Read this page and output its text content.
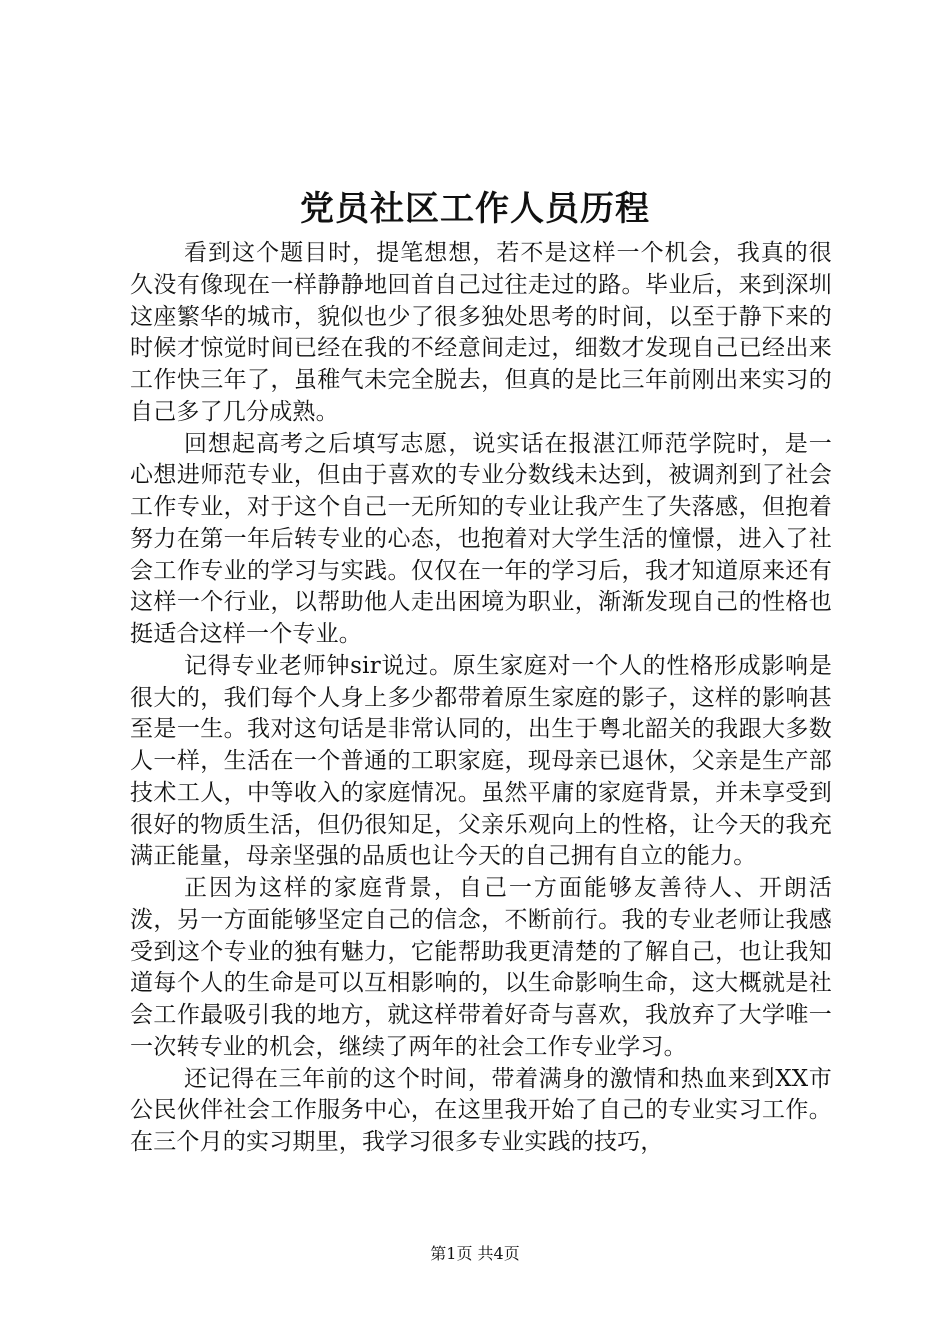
党员社区工作人员历程

看到这个题目时，提笔想想，若不是这样一个机会，我真的很久没有像现在一样静静地回首自己过往走过的路。毕业后，来到深圳这座繁华的城市，貌似也少了很多独处思考的时间，以至于静下来的时候才惊觉时间已经在我的不经意间走过，细数才发现自己已经出来工作快三年了，虽稚气未完全脱去，但真的是比三年前刚出来实习的自己多了几分成熟。

回想起高考之后填写志愿，说实话在报湛江师范学院时，是一心想进师范专业，但由于喜欢的专业分数线未达到，被调剂到了社会工作专业，对于这个自己一无所知的专业让我产生了失落感，但抱着努力在第一年后转专业的心态，也抱着对大学生活的憧憬，进入了社会工作专业的学习与实践。仅仅在一年的学习后，我才知道原来还有这样一个行业，以帮助他人走出困境为职业，渐渐发现自己的性格也挺适合这样一个专业。

记得专业老师钟sir说过。原生家庭对一个人的性格形成影响是很大的，我们每个人身上多少都带着原生家庭的影子，这样的影响甚至是一生。我对这句话是非常认同的，出生于粤北韶关的我跟大多数人一样，生活在一个普通的工职家庭，现母亲已退休，父亲是生产部技术工人，中等收入的家庭情况。虽然平庸的家庭背景，并未享受到很好的物质生活，但仍很知足，父亲乐观向上的性格，让今天的我充满正能量，母亲坚强的品质也让今天的自己拥有自立的能力。

正因为这样的家庭背景，自己一方面能够友善待人、开朗活泼，另一方面能够坚定自己的信念，不断前行。我的专业老师让我感受到这个专业的独有魅力，它能帮助我更清楚的了解自己，也让我知道每个人的生命是可以互相影响的，以生命影响生命，这大概就是社会工作最吸引我的地方，就这样带着好奇与喜欢，我放弃了大学唯一一次转专业的机会，继续了两年的社会工作专业学习。

还记得在三年前的这个时间，带着满身的激情和热血来到XX市公民伙伴社会工作服务中心，在这里我开始了自己的专业实习工作。在三个月的实习期里，我学习很多专业实践的技巧，

第1页 共4页
